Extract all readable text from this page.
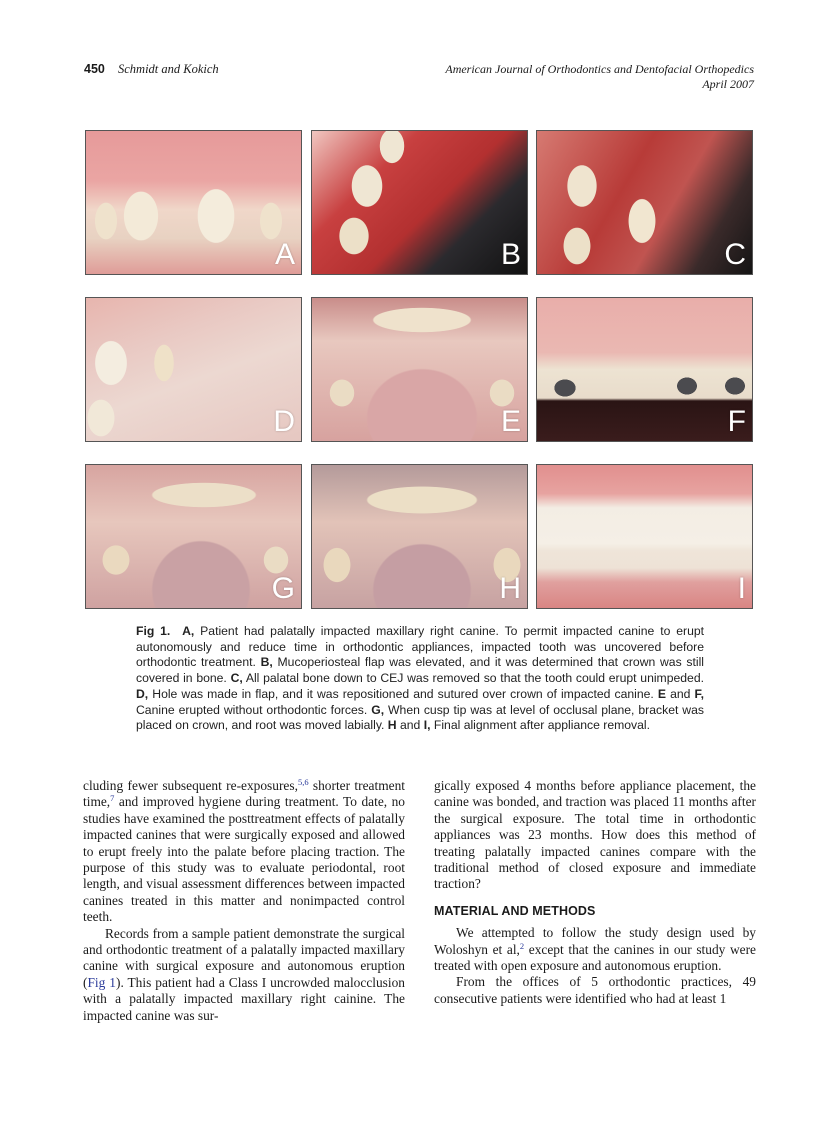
450 Schmidt and Kokich	American Journal of Orthodontics and Dentofacial Orthopedics
April 2007
A	B	C
D	E	F
G	H	I
Fig 1. A, Patient had palatally impacted maxillary right canine. To permit impacted canine to erupt autonomously and reduce time in orthodontic appliances, impacted tooth was uncovered before orthodontic treatment. B, Mucoperiosteal flap was elevated, and it was determined that crown was still covered in bone. C, All palatal bone down to CEJ was removed so that the tooth could erupt unimpeded. D, Hole was made in flap, and it was repositioned and sutured over crown of impacted canine. E and F, Canine erupted without orthodontic forces. G, When cusp tip was at level of occlusal plane, bracket was placed on crown, and root was moved labially. H and I, Final alignment after appliance removal.

cluding fewer subsequent re-exposures,$^{5,6}$ shorter treatment time,$^7$ and improved hygiene during treatment. To date, no studies have examined the posttreatment effects of palatally impacted canines that were surgically exposed and allowed to erupt freely into the palate before placing traction. The purpose of this study was to evaluate periodontal, root length, and visual assessment differences between impacted canines treated in this matter and nonimpacted control teeth.

Records from a sample patient demonstrate the surgical and orthodontic treatment of a palatally impacted maxillary canine with surgical exposure and autonomous eruption (Fig 1). This patient had a Class I uncrowded malocclusion with a palatally impacted maxillary right cainine. The impacted canine was sur-

gically exposed 4 months before appliance placement, the canine was bonded, and traction was placed 11 months after the surgical exposure. The total time in orthodontic appliances was 23 months. How does this method of treating palatally impacted canines compare with the traditional method of closed exposure and immediate traction?

MATERIAL AND METHODS

We attempted to follow the study design used by Woloshyn et al,$^2$ except that the canines in our study were treated with open exposure and autonomous eruption.

From the offices of 5 orthodontic practices, 49 consecutive patients were identified who had at least 1
